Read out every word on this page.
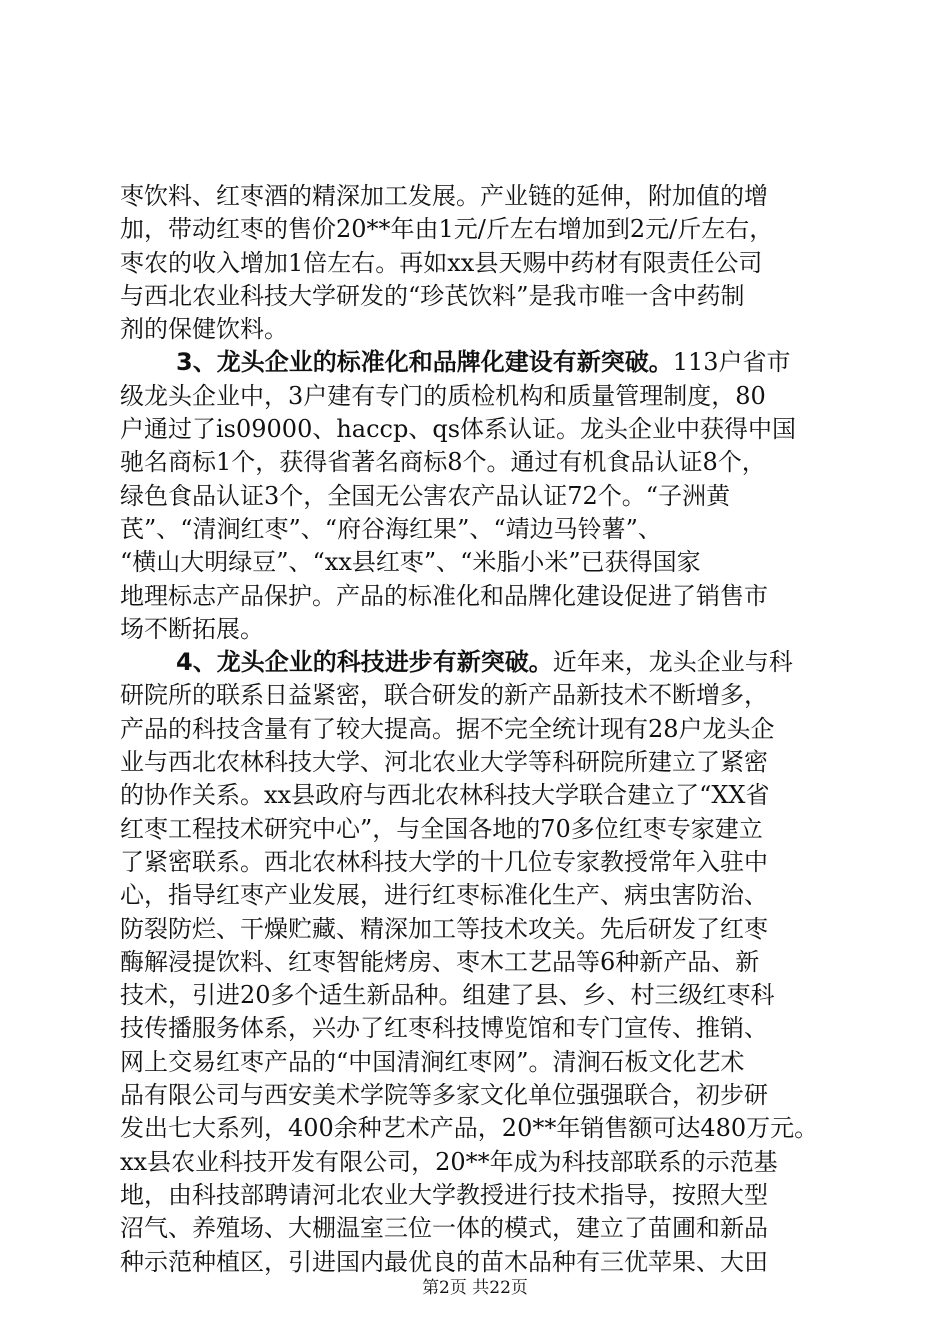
枣饮料、红枣酒的精深加工发展。产业链的延伸，附加值的增
加，带动红枣的售价20**年由1元/斤左右增加到2元/斤左右，
枣农的收入增加1倍左右。再如xx县天赐中药材有限责任公司
与西北农业科技大学研发的“珍芪饮料”是我市唯一含中药制
剂的保健饮料。
3、龙头企业的标准化和品牌化建设有新突破。113户省市
级龙头企业中，3户建有专门的质检机构和质量管理制度，80
户通过了is09000、haccp、qs体系认证。龙头企业中获得中国
驰名商标1个，获得省著名商标8个。通过有机食品认证8个，
绿色食品认证3个，全国无公害农产品认证72个。“子洲黄
芪”、“清涧红枣”、“府谷海红果”、“靖边马铃薯”、
“横山大明绿豆”、“xx县红枣”、“米脂小米”已获得国家
地理标志产品保护。产品的标准化和品牌化建设促进了销售市
场不断拓展。
4、龙头企业的科技进步有新突破。近年来，龙头企业与科
研院所的联系日益紧密，联合研发的新产品新技术不断增多，
产品的科技含量有了较大提高。据不完全统计现有28户龙头企
业与西北农林科技大学、河北农业大学等科研院所建立了紧密
的协作关系。xx县政府与西北农林科技大学联合建立了“XX省
红枣工程技术研究中心”，与全国各地的70多位红枣专家建立
了紧密联系。西北农林科技大学的十几位专家教授常年入驻中
心，指导红枣产业发展，进行红枣标准化生产、病虫害防治、
防裂防烂、干燥贮藏、精深加工等技术攻关。先后研发了红枣
酶解浸提饮料、红枣智能烤房、枣木工艺品等6种新产品、新
技术，引进20多个适生新品种。组建了县、乡、村三级红枣科
技传播服务体系，兴办了红枣科技博览馆和专门宣传、推销、
网上交易红枣产品的“中国清涧红枣网”。清涧石板文化艺术
品有限公司与西安美术学院等多家文化单位强强联合，初步研
发出七大系列，400余种艺术产品，20**年销售额可达480万元。
xx县农业科技开发有限公司，20**年成为科技部联系的示范基
地，由科技部聘请河北农业大学教授进行技术指导，按照大型
沼气、养殖场、大棚温室三位一体的模式，建立了苗圃和新品
种示范种植区，引进国内最优良的苗木品种有三优苹果、大田
第2页 共22页
